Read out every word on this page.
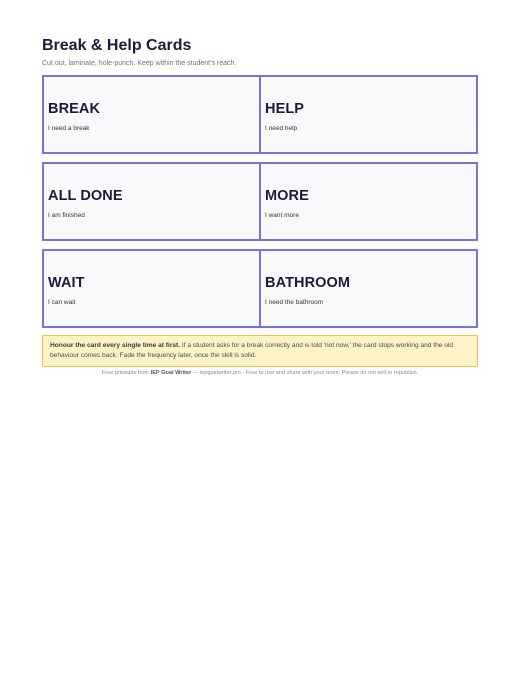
Break & Help Cards
Cut out, laminate, hole-punch. Keep within the student's reach.
BREAK
I need a break
HELP
I need help
ALL DONE
I am finished
MORE
I want more
WAIT
I can wait
BATHROOM
I need the bathroom
Honour the card every single time at first. If a student asks for a break correctly and is told 'not now,' the card stops working and the old behaviour comes back. Fade the frequency later, once the skill is solid.
Free printable from IEP Goal Writer — iepgoalwriter.pro · Free to use and share with your team. Please do not sell or republish.
